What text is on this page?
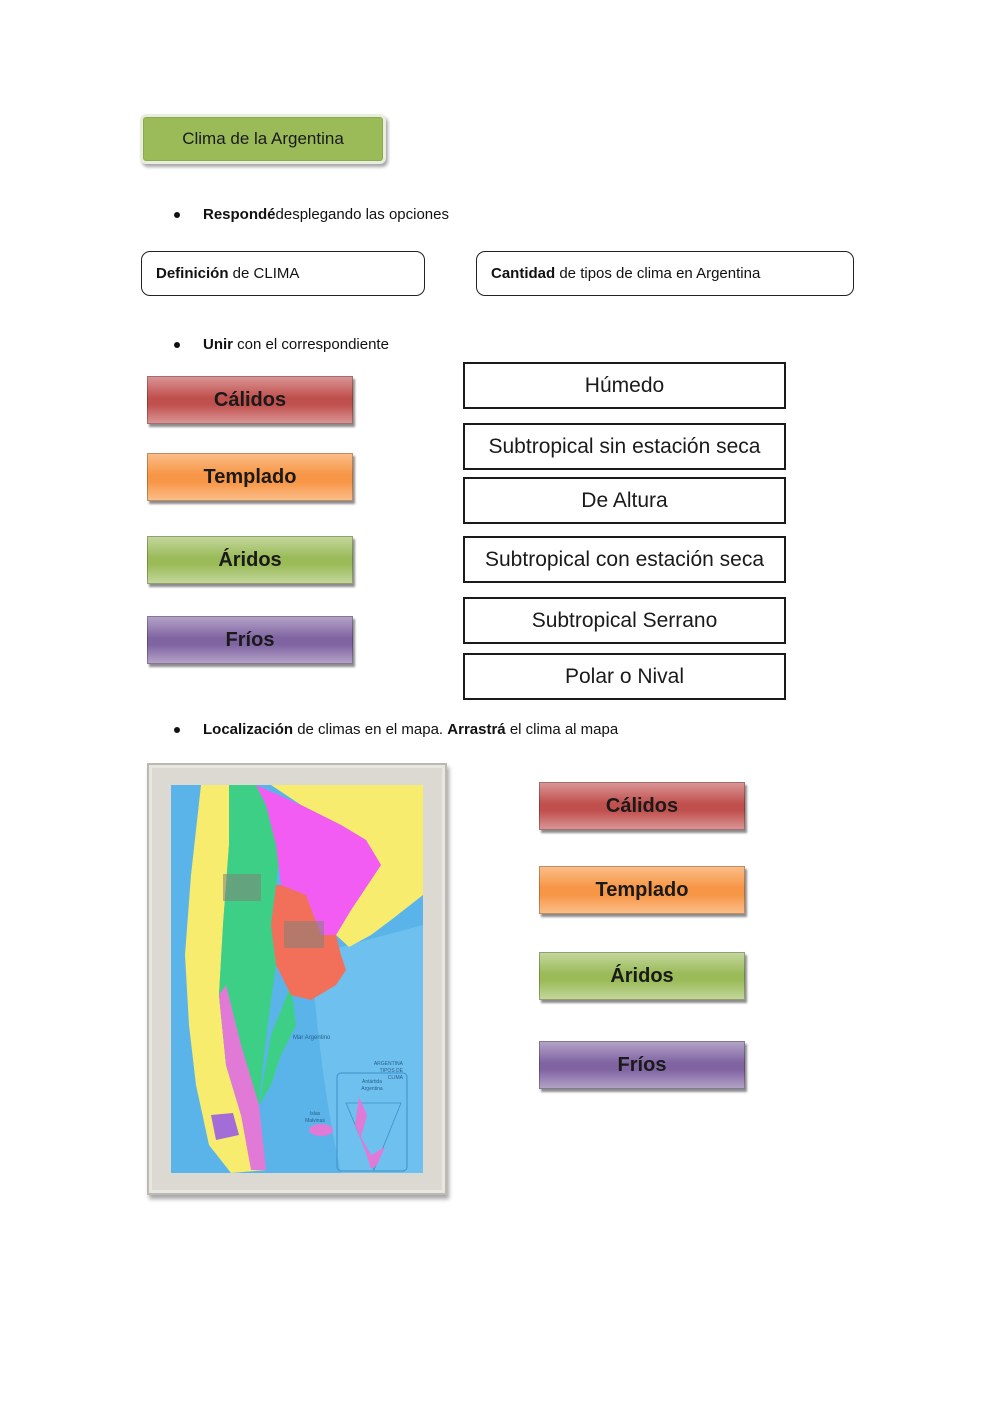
Clima de la Argentina
Respondé desplegando las opciones
Definición de CLIMA	Cantidad de tipos de clima en Argentina
Unir con el correspondiente
Cálidos
Templado
Áridos
Fríos
Húmedo
Subtropical sin estación seca
De Altura
Subtropical con estación seca
Subtropical Serrano
Polar o Nival
Localización de climas en el mapa. Arrastrá el clima al mapa
Mar Argentino
ARGENTINA
TIPOS DE
CLIMA
Antártida
Argentina
Islas
Malvinas
Cálidos
Templado
Áridos
Fríos
